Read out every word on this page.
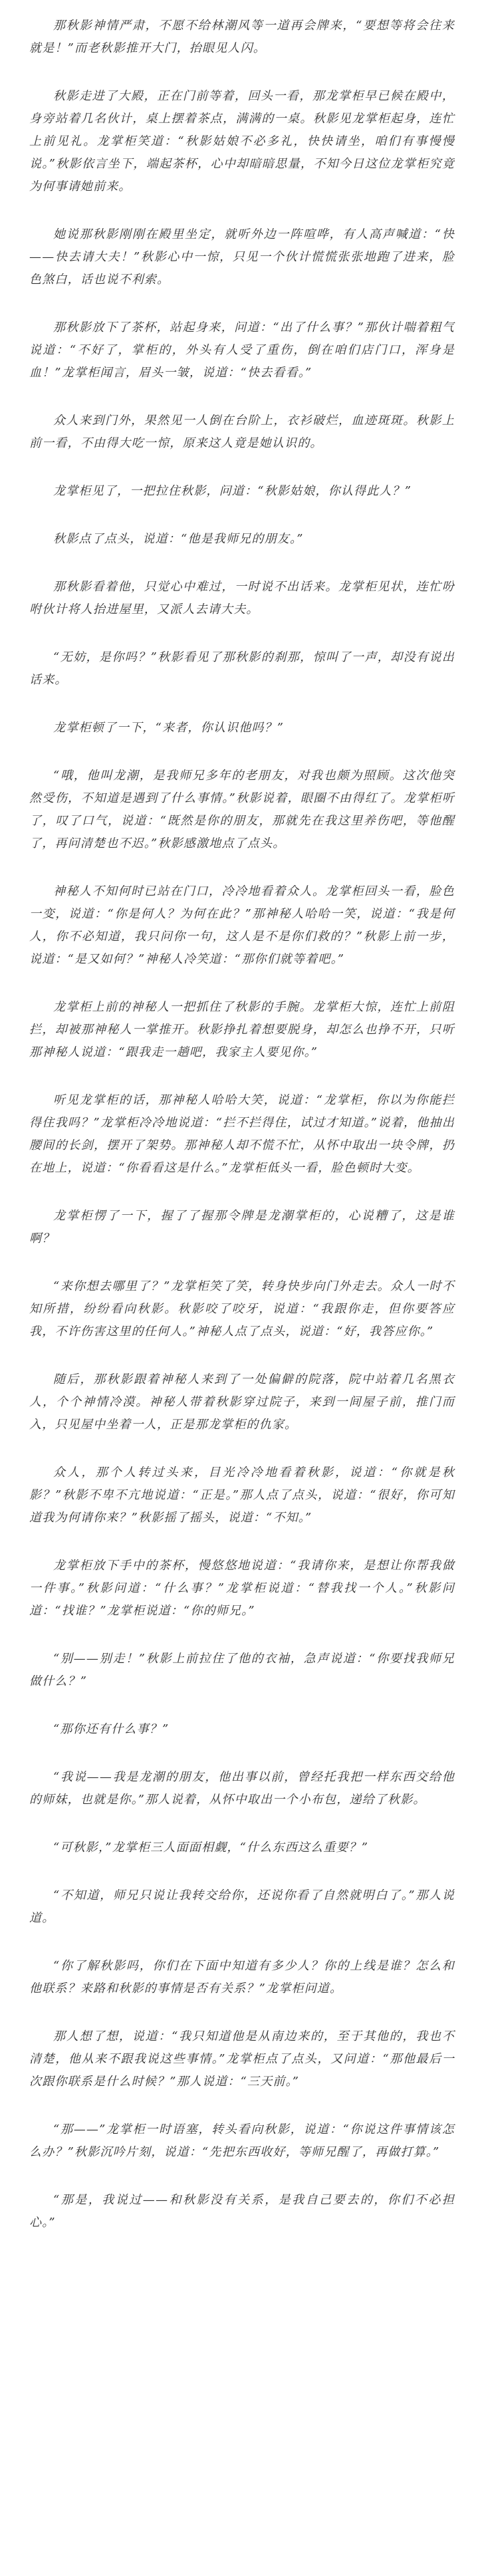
那秋影神情严肃，不愿不给林潮风等一道再会牌来，“要想等将会往来就是！”而老秋影推开大门，抬眼见人闪。

秋影走进了大殿，正在门前等着，回头一看，那龙掌柜早已候在殿中，身旁站着几名伙计，桌上摆着茶点，满满的一桌。秋影见龙掌柜起身，连忙上前见礼。龙掌柜笑道：“秋影姑娘不必多礼，快快请坐，咱们有事慢慢说。”秋影依言坐下，端起茶杯，心中却暗暗思量，不知今日这位龙掌柜究竟为何事请她前来。

她说那秋影刚刚在殿里坐定，就听外边一阵喧哗，有人高声喊道：“快——快去请大夫！”秋影心中一惊，只见一个伙计慌慌张张地跑了进来，脸色煞白，话也说不利索。

那秋影放下了茶杯，站起身来，问道：“出了什么事？”那伙计喘着粗气说道：“不好了，掌柜的，外头有人受了重伤，倒在咱们店门口，浑身是血！”龙掌柜闻言，眉头一皱，说道：“快去看看。”

众人来到门外，果然见一人倒在台阶上，衣衫破烂，血迹斑斑。秋影上前一看，不由得大吃一惊，原来这人竟是她认识的。

龙掌柜见了，一把拉住秋影，问道：“秋影姑娘，你认得此人？”

秋影点了点头，说道：“他是我师兄的朋友。”

那秋影看着他，只觉心中难过，一时说不出话来。龙掌柜见状，连忙吩咐伙计将人抬进屋里，又派人去请大夫。

“无妨，是你吗？”秋影看见了那秋影的刹那，惊叫了一声，却没有说出话来。

龙掌柜顿了一下，“来者，你认识他吗？”

“哦，他叫龙潮，是我师兄多年的老朋友，对我也颇为照顾。这次他突然受伤，不知道是遇到了什么事情。”秋影说着，眼圈不由得红了。龙掌柜听了，叹了口气，说道：“既然是你的朋友，那就先在我这里养伤吧，等他醒了，再问清楚也不迟。”秋影感激地点了点头。

神秘人不知何时已站在门口，冷冷地看着众人。龙掌柜回头一看，脸色一变，说道：“你是何人？为何在此？”那神秘人哈哈一笑，说道：“我是何人，你不必知道，我只问你一句，这人是不是你们救的？”秋影上前一步，说道：“是又如何？”神秘人冷笑道：“那你们就等着吧。”

龙掌柜上前的神秘人一把抓住了秋影的手腕。龙掌柜大惊，连忙上前阻拦，却被那神秘人一掌推开。秋影挣扎着想要脱身，却怎么也挣不开，只听那神秘人说道：“跟我走一趟吧，我家主人要见你。”

听见龙掌柜的话，那神秘人哈哈大笑，说道：“龙掌柜，你以为你能拦得住我吗？”龙掌柜冷冷地说道：“拦不拦得住，试过才知道。”说着，他抽出腰间的长剑，摆开了架势。那神秘人却不慌不忙，从怀中取出一块令牌，扔在地上，说道：“你看看这是什么。”龙掌柜低头一看，脸色顿时大变。

龙掌柜愣了一下，握了了握那令牌是龙潮掌柜的，心说糟了，这是谁啊？

“来你想去哪里了？”龙掌柜笑了笑，转身快步向门外走去。众人一时不知所措，纷纷看向秋影。秋影咬了咬牙，说道：“我跟你走，但你要答应我，不许伤害这里的任何人。”神秘人点了点头，说道：“好，我答应你。”

随后，那秋影跟着神秘人来到了一处偏僻的院落，院中站着几名黑衣人，个个神情冷漠。神秘人带着秋影穿过院子，来到一间屋子前，推门而入，只见屋中坐着一人，正是那龙掌柜的仇家。

众人，那个人转过头来，目光冷冷地看着秋影，说道：“你就是秋影？”秋影不卑不亢地说道：“正是。”那人点了点头，说道：“很好，你可知道我为何请你来？”秋影摇了摇头，说道：“不知。”

龙掌柜放下手中的茶杯，慢悠悠地说道：“我请你来，是想让你帮我做一件事。”秋影问道：“什么事？”龙掌柜说道：“替我找一个人。”秋影问道：“找谁？”龙掌柜说道：“你的师兄。”

“别——别走！”秋影上前拉住了他的衣袖，急声说道：“你要找我师兄做什么？”

“那你还有什么事？”

“我说——我是龙潮的朋友，他出事以前，曾经托我把一样东西交给他的师妹，也就是你。”那人说着，从怀中取出一个小布包，递给了秋影。

“可秋影，”龙掌柜三人面面相觑，“什么东西这么重要？”

“不知道，师兄只说让我转交给你，还说你看了自然就明白了。”那人说道。

“你了解秋影吗，你们在下面中知道有多少人？你的上线是谁？怎么和他联系？来路和秋影的事情是否有关系？”龙掌柜问道。

那人想了想，说道：“我只知道他是从南边来的，至于其他的，我也不清楚，他从来不跟我说这些事情。”龙掌柜点了点头，又问道：“那他最后一次跟你联系是什么时候？”那人说道：“三天前。”

“那——”龙掌柜一时语塞，转头看向秋影，说道：“你说这件事情该怎么办？”秋影沉吟片刻，说道：“先把东西收好，等师兄醒了，再做打算。”

“那是，我说过——和秋影没有关系，是我自己要去的，你们不必担心。”
